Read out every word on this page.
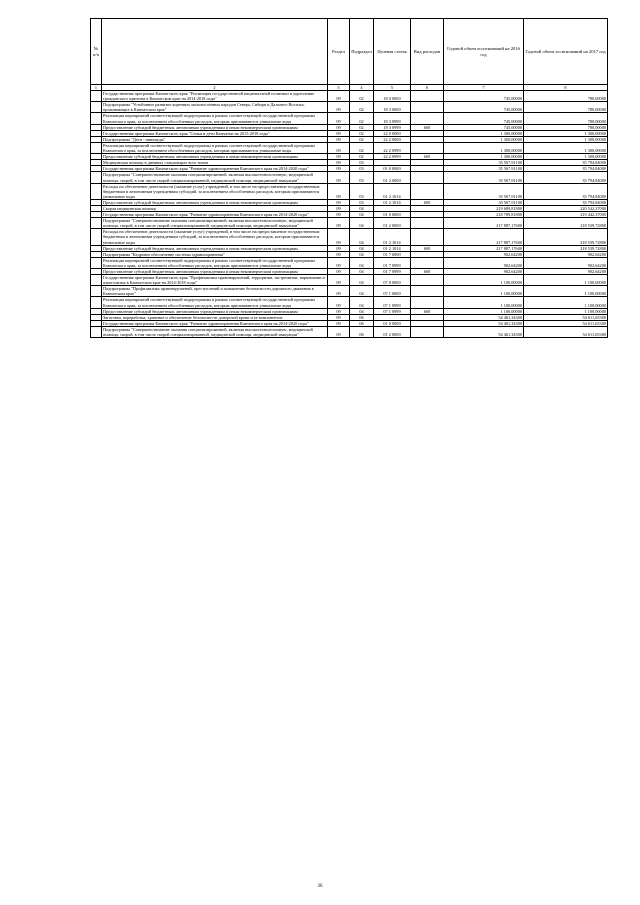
№ п/п		Раздел	Подраздел	Целевая статья	Вид расходов	Годовой объем ассигнований на 2016 год	Годовой объем ассигнований на 2017 год
1	2	3	4	5	6	7	8
	Государственная программа Камчатского края "Реализация государственной национальной политики и укрепление гражданского единства в Камчатском крае на 2014-2018 годы"	09	02	18 0 0000		745,00000	780,00000
	Подпрограмма "Устойчивое развитие коренных малочисленных народов Севера, Сибири и Дальнего Востока, проживающих в Камчатском крае"	09	02	18 3 0000		745,00000	780,00000
	Реализация мероприятий соответствующей подпрограммы в рамках соответствующей государственной программы Камчатского края, за исключением обособленных расходов, которым присваиваются уникальные коды	09	02	18 3 0999		745,00000	780,00000
	Предоставление субсидий бюджетным, автономным учреждениям и иным некоммерческим организациям	09	02	18 3 0999	600	745,00000	780,00000
	Государственная программа Камчатского края "Семья и дети Камчатки на 2015-2018 годы"	09	02	22 0 0000		1 300,00000	1 300,00000
	Подпрограмма "Дети - инвалиды"	09	02	22 2 0000		1 300,00000	1 300,00000
	Реализация мероприятий соответствующей подпрограммы в рамках соответствующей государственной программы Камчатского края, за исключением обособленных расходов, которым присваиваются уникальные коды	09	02	22 2 0999		1 300,00000	1 300,00000
	Предоставление субсидий бюджетным, автономным учреждениям и иным некоммерческим организациям	09	02	22 2 0999	600	1 300,00000	1 300,00000
	Медицинская помощь в дневных стационарах всех типов	09	03			35 567,91100	35 794,84000
	Государственная программа Камчатского края "Развитие здравоохранения Камчатского края на 2014-2020 годы"	09	03	01 0 0000		35 567,91100	35 794,84000
	Подпрограмма "Совершенствование оказания специализированной, включая высокотехнологичную, медицинской помощи, скорой, в том числе скорой специализированной, медицинской помощи, медицинской эвакуации"	09	03	01 2 0000		35 567,91100	35 794,84000
	Расходы на обеспечение деятельности (оказание услуг) учреждений, в том числе на предоставление государственным бюджетным и автономным учреждениям субсидий, за исключением обособленных расходов, которым присваиваются уникальные коды	09	03	01 2 1014		35 567,91100	35 794,84000
	Предоставление субсидий бюджетным, автономным учреждениям и иным некоммерческим организациям	09	03	01 2 1014	600	35 567,91100	35 794,84000
	Скорая медицинская помощь	09	04			219 689,81800	220 542,37000
	Государственная программа Камчатского края "Развитие здравоохранения Камчатского края на 2014-2020 годы"	09	04	01 0 0000		218 789,81800	219 442,37000
	Подпрограмма "Совершенствование оказания специализированной, включая высокотехнологичную, медицинской помощи, скорой, в том числе скорой специализированной, медицинской помощи, медицинской эвакуации"	09	04	01 2 0000		217 887,17600	218 539,72800
	Расходы на обеспечение деятельности (оказание услуг) учреждений, в том числе на предоставление государственным бюджетным и автономным учреждениям субсидий, за исключением обособленных расходов, которым присваиваются уникальные коды	09	04	01 2 1014		217 887,17600	218 539,72800
	Предоставление субсидий бюджетным, автономным учреждениям и иным некоммерческим организациям	09	04	01 2 1014	600	217 887,17600	218 539,72800
	Подпрограмма "Кадровое обеспечение системы здравоохранения"	09	04	01 7 0000		902,64200	902,64200
	Реализация мероприятий соответствующей подпрограммы в рамках соответствующей государственной программы Камчатского края, за исключением обособленных расходов, которым присваиваются уникальные коды	09	04	01 7 0999		902,64200	902,64200
	Предоставление субсидий бюджетным, автономным учреждениям и иным некоммерческим организациям	09	04	01 7 0999	600	902,64200	902,64200
	Государственная программа Камчатского края "Профилактика правонарушений, терроризма, экстремизма, наркомании и алкоголизма в Камчатском крае на 2014-2018 годы"	09	04	07 0 0000		1 100,00000	1 100,00000
	Подпрограмма "Профилактика правонарушений, преступлений и повышение безопасности дорожного движения в Камчатском крае"	09	04	07 1 0000		1 100,00000	1 100,00000
	Реализация мероприятий соответствующей подпрограммы в рамках соответствующей государственной программы Камчатского края, за исключением обособленных расходов, которым присваиваются уникальные коды	09	04	07 1 0999		1 100,00000	1 100,00000
	Предоставление субсидий бюджетным, автономным учреждениям и иным некоммерческим организациям	09	04	07 1 0999	600	1 100,00000	1 100,00000
	Заготовка, переработка, хранение и обеспечение безопасности донорской крови и ее компонентов	09	06			54 461,34300	54 611,65300
	Государственная программа Камчатского края "Развитие здравоохранения Камчатского края на 2014-2020 годы"	09	06	01 0 0000		54 461,34300	54 611,65300
	Подпрограмма "Совершенствование оказания специализированной, включая высокотехнологичную, медицинской помощи, скорой, в том числе скорой специализированной, медицинской помощи, медицинской эвакуации"	09	06	01 2 0000		54 461,34300	54 611,65300
36
